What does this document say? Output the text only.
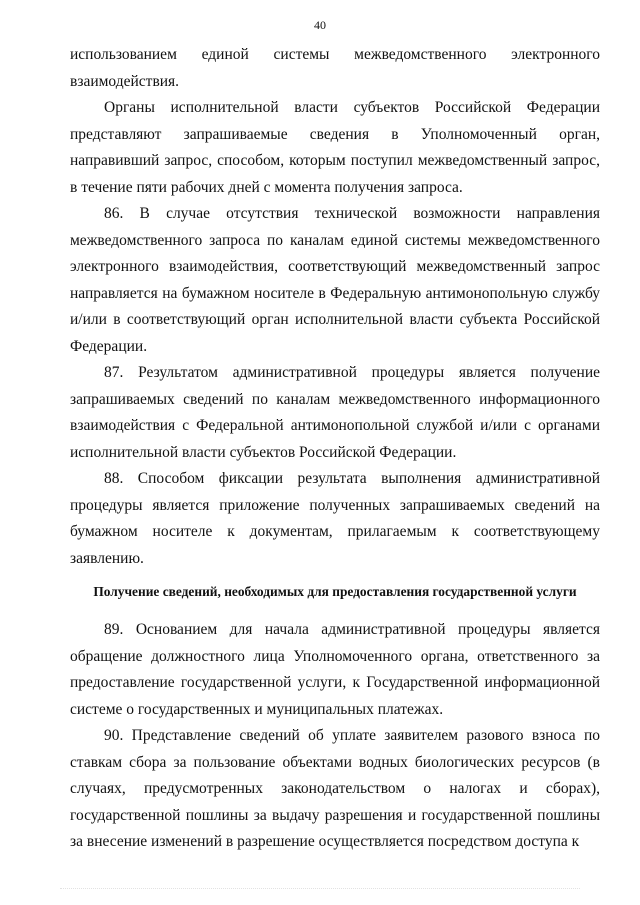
40

использованием единой системы межведомственного электронного взаимодействия.

Органы исполнительной власти субъектов Российской Федерации представляют запрашиваемые сведения в Уполномоченный орган, направивший запрос, способом, которым поступил межведомственный запрос, в течение пяти рабочих дней с момента получения запроса.

86. В случае отсутствия технической возможности направления межведомственного запроса по каналам единой системы межведомственного электронного взаимодействия, соответствующий межведомственный запрос направляется на бумажном носителе в Федеральную антимонопольную службу и/или в соответствующий орган исполнительной власти субъекта Российской Федерации.

87. Результатом административной процедуры является получение запрашиваемых сведений по каналам межведомственного информационного взаимодействия с Федеральной антимонопольной службой и/или с органами исполнительной власти субъектов Российской Федерации.

88. Способом фиксации результата выполнения административной процедуры является приложение полученных запрашиваемых сведений на бумажном носителе к документам, прилагаемым к соответствующему заявлению.

Получение сведений, необходимых для предоставления государственной услуги

89. Основанием для начала административной процедуры является обращение должностного лица Уполномоченного органа, ответственного за предоставление государственной услуги, к Государственной информационной системе о государственных и муниципальных платежах.

90. Представление сведений об уплате заявителем разового взноса по ставкам сбора за пользование объектами водных биологических ресурсов (в случаях, предусмотренных законодательством о налогах и сборах), государственной пошлины за выдачу разрешения и государственной пошлины за внесение изменений в разрешение осуществляется посредством доступа к
